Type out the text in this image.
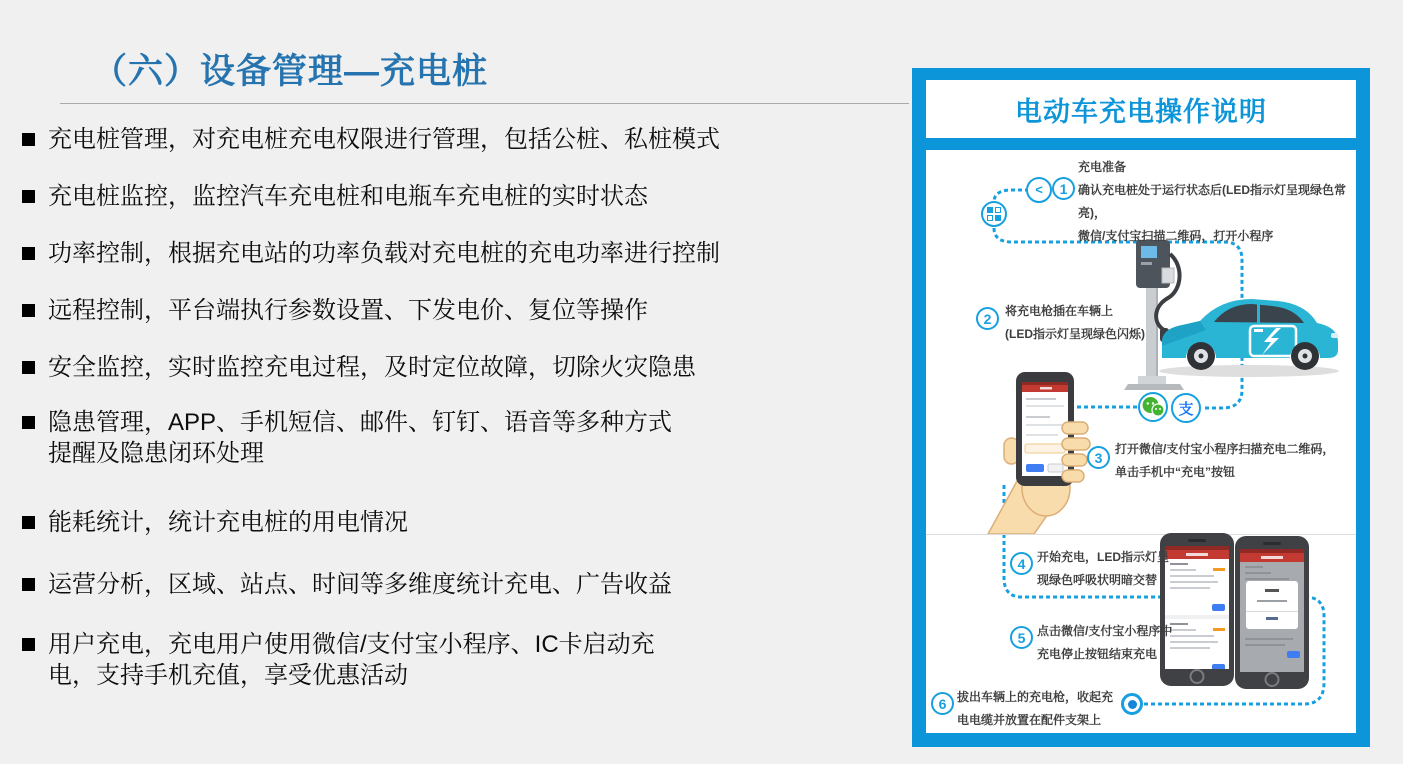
（六）设备管理—充电桩
充电桩管理，对充电桩充电权限进行管理，包括公桩、私桩模式
充电桩监控，监控汽车充电桩和电瓶车充电桩的实时状态
功率控制，根据充电站的功率负载对充电桩的充电功率进行控制
远程控制，平台端执行参数设置、下发电价、复位等操作
安全监控，实时监控充电过程，及时定位故障，切除火灾隐患
隐患管理，APP、手机短信、邮件、钉钉、语音等多种方式
提醒及隐患闭环处理
能耗统计，统计充电桩的用电情况
运营分析，区域、站点、时间等多维度统计充电、广告收益
用户充电，充电用户使用微信/支付宝小程序、IC卡启动充
电，支持手机充值，享受优惠活动
电动车充电操作说明
支
<	1
2
3
4
5
6
充电准备
确认充电桩处于运行状态后(LED指示灯呈现绿色常亮)，
微信/支付宝扫描二维码，打开小程序
将充电枪插在车辆上
(LED指示灯呈现绿色闪烁)
打开微信/支付宝小程序扫描充电二维码，
单击手机中“充电”按钮
开始充电，LED指示灯呈
现绿色呼吸状明暗交替
点击微信/支付宝小程序中
充电停止按钮结束充电
拔出车辆上的充电枪，收起充
电电缆并放置在配件支架上
